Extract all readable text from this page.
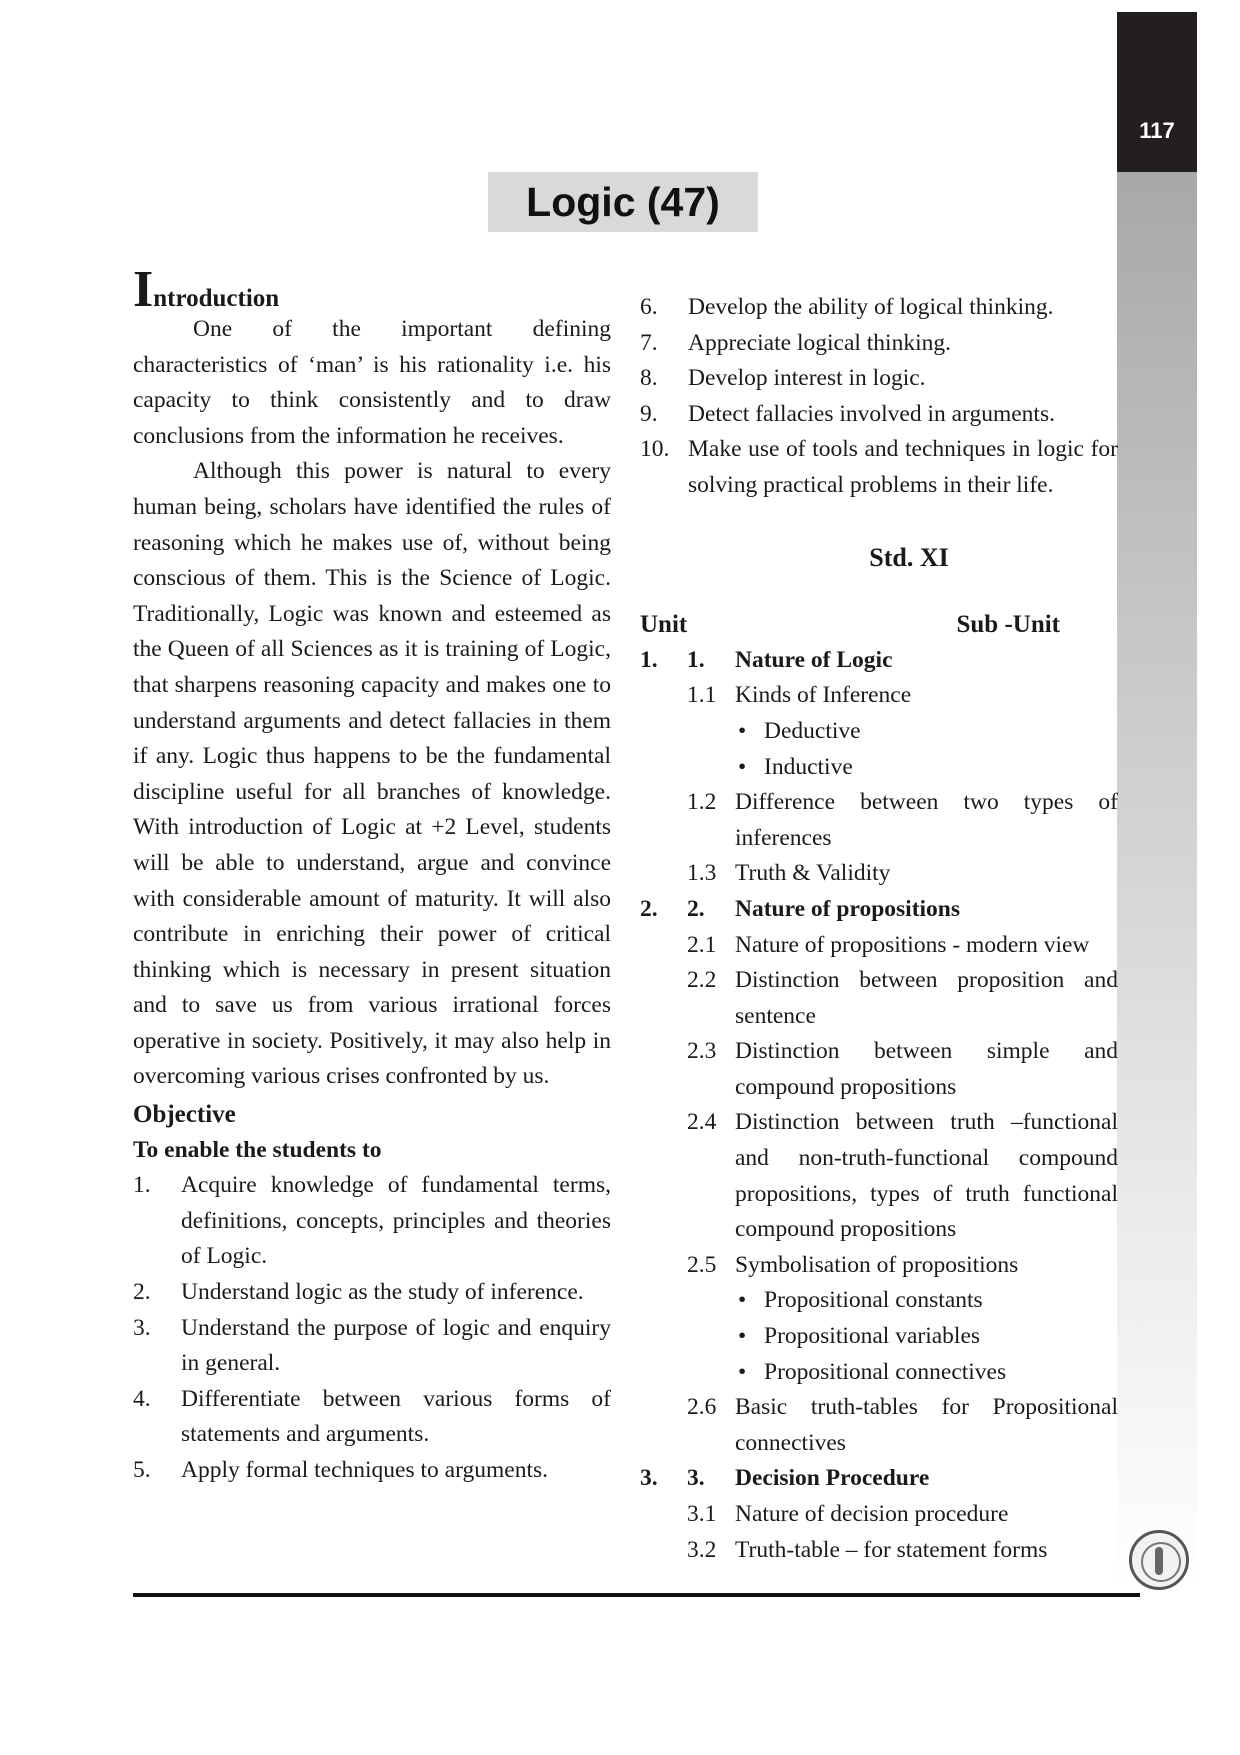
117
Logic (47)
Introduction

One of the important defining characteristics of ‘man’ is his rationality i.e. his capacity to think consistently and to draw conclusions from the information he receives.

Although this power is natural to every human being, scholars have identified the rules of reasoning which he makes use of, without being conscious of them. This is the Science of Logic. Traditionally, Logic was known and esteemed as the Queen of all Sciences as it is training of Logic, that sharpens reasoning capacity and makes one to understand arguments and detect fallacies in them if any. Logic thus happens to be the fundamental discipline useful for all branches of knowledge. With introduction of Logic at +2 Level, students will be able to understand, argue and convince with considerable amount of maturity. It will also contribute in enriching their power of critical thinking which is necessary in present situation and to save us from various irrational forces operative in society. Positively, it may also help in overcoming various crises confronted by us.

Objective
To enable the students to
1. Acquire knowledge of fundamental terms, definitions, concepts, principles and theories of Logic.
2. Understand logic as the study of inference.
3. Understand the purpose of logic and enquiry in general.
4. Differentiate between various forms of statements and arguments.
5. Apply formal techniques to arguments.
6. Develop the ability of logical thinking.
7. Appreciate logical thinking.
8. Develop interest in logic.
9. Detect fallacies involved in arguments.
10. Make use of tools and techniques in logic for solving practical problems in their life.
Std. XI
Unit	Sub -Unit
1. 1. Nature of Logic
1.1 Kinds of Inference
• Deductive
• Inductive
1.2 Difference between two types of inferences
1.3 Truth & Validity
2. 2. Nature of propositions
2.1 Nature of propositions - modern view
2.2 Distinction between proposition and sentence
2.3 Distinction between simple and compound propositions
2.4 Distinction between truth –functional and non-truth-functional compound propositions, types of truth functional compound propositions
2.5 Symbolisation of propositions
• Propositional constants
• Propositional variables
• Propositional connectives
2.6 Basic truth-tables for Propositional connectives
3. 3. Decision Procedure
3.1 Nature of decision procedure
3.2 Truth-table – for statement forms
